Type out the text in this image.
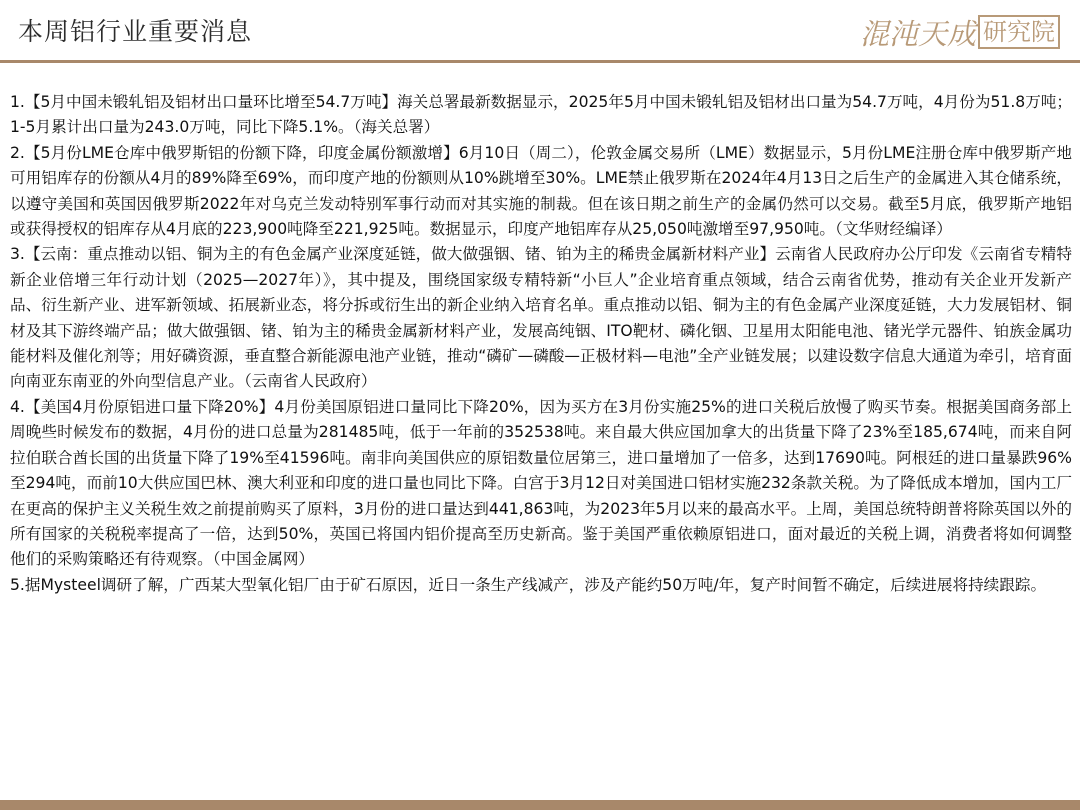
本周铝行业重要消息	混沌天成 研究院

1.【5月中国未锻轧铝及铝材出口量环比增至54.7万吨】海关总署最新数据显示，2025年5月中国未锻轧铝及铝材出口量为54.7万吨，4月份为51.8万吨；1-5月累计出口量为243.0万吨，同比下降5.1%。（海关总署）

2.【5月份LME仓库中俄罗斯铝的份额下降，印度金属份额激增】6月10日（周二），伦敦金属交易所（LME）数据显示，5月份LME注册仓库中俄罗斯产地可用铝库存的份额从4月的89%降至69%，而印度产地的份额则从10%跳增至30%。LME禁止俄罗斯在2024年4月13日之后生产的金属进入其仓储系统，以遵守美国和英国因俄罗斯2022年对乌克兰发动特别军事行动而对其实施的制裁。但在该日期之前生产的金属仍然可以交易。截至5月底，俄罗斯产地铝或获得授权的铝库存从4月底的223,900吨降至221,925吨。数据显示，印度产地铝库存从25,050吨激增至97,950吨。（文华财经编译）

3.【云南：重点推动以铝、铜为主的有色金属产业深度延链，做大做强铟、锗、铂为主的稀贵金属新材料产业】云南省人民政府办公厅印发《云南省专精特新企业倍增三年行动计划（2025—2027年）》，其中提及，围绕国家级专精特新“小巨人”企业培育重点领域，结合云南省优势，推动有关企业开发新产品、衍生新产业、进军新领域、拓展新业态，将分拆或衍生出的新企业纳入培育名单。重点推动以铝、铜为主的有色金属产业深度延链，大力发展铝材、铜材及其下游终端产品；做大做强铟、锗、铂为主的稀贵金属新材料产业，发展高纯铟、ITO靶材、磷化铟、卫星用太阳能电池、锗光学元器件、铂族金属功能材料及催化剂等；用好磷资源，垂直整合新能源电池产业链，推动“磷矿—磷酸—正极材料—电池”全产业链发展；以建设数字信息大通道为牵引，培育面向南亚东南亚的外向型信息产业。（云南省人民政府）

4.【美国4月份原铝进口量下降20%】4月份美国原铝进口量同比下降20%，因为买方在3月份实施25%的进口关税后放慢了购买节奏。根据美国商务部上周晚些时候发布的数据，4月份的进口总量为281485吨，低于一年前的352538吨。来自最大供应国加拿大的出货量下降了23%至185,674吨，而来自阿拉伯联合酋长国的出货量下降了19%至41596吨。南非向美国供应的原铝数量位居第三，进口量增加了一倍多，达到17690吨。阿根廷的进口量暴跌96%至294吨，而前10大供应国巴林、澳大利亚和印度的进口量也同比下降。白宫于3月12日对美国进口铝材实施232条款关税。为了降低成本增加，国内工厂在更高的保护主义关税生效之前提前购买了原料，3月份的进口量达到441,863吨，为2023年5月以来的最高水平。上周，美国总统特朗普将除英国以外的所有国家的关税税率提高了一倍，达到50%，英国已将国内铝价提高至历史新高。鉴于美国严重依赖原铝进口，面对最近的关税上调，消费者将如何调整他们的采购策略还有待观察。（中国金属网）

5.据Mysteel调研了解，广西某大型氧化铝厂由于矿石原因，近日一条生产线减产，涉及产能约50万吨/年，复产时间暂不确定，后续进展将持续跟踪。
